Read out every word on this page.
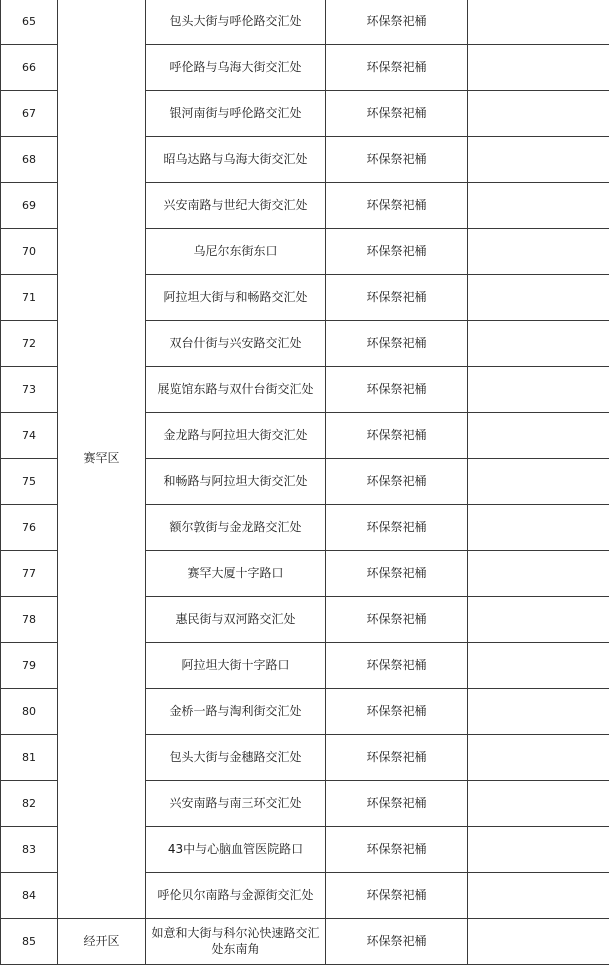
65	赛罕区	包头大街与呼伦路交汇处	环保祭祀桶	
66		呼伦路与乌海大街交汇处	环保祭祀桶	
67		银河南街与呼伦路交汇处	环保祭祀桶	
68		昭乌达路与乌海大街交汇处	环保祭祀桶	
69		兴安南路与世纪大街交汇处	环保祭祀桶	
70		乌尼尔东街东口	环保祭祀桶	
71		阿拉坦大街与和畅路交汇处	环保祭祀桶	
72		双台什街与兴安路交汇处	环保祭祀桶	
73		展览馆东路与双什台街交汇处	环保祭祀桶	
74		金龙路与阿拉坦大街交汇处	环保祭祀桶	
75		和畅路与阿拉坦大街交汇处	环保祭祀桶	
76		额尔敦街与金龙路交汇处	环保祭祀桶	
77		赛罕大厦十字路口	环保祭祀桶	
78		惠民街与双河路交汇处	环保祭祀桶	
79		阿拉坦大街十字路口	环保祭祀桶	
80		金桥一路与淘利街交汇处	环保祭祀桶	
81		包头大街与金穗路交汇处	环保祭祀桶	
82		兴安南路与南三环交汇处	环保祭祀桶	
83		43中与心脑血管医院路口	环保祭祀桶	
84		呼伦贝尔南路与金源街交汇处	环保祭祀桶	
85	经开区	如意和大街与科尔沁快速路交汇处东南角	环保祭祀桶	
